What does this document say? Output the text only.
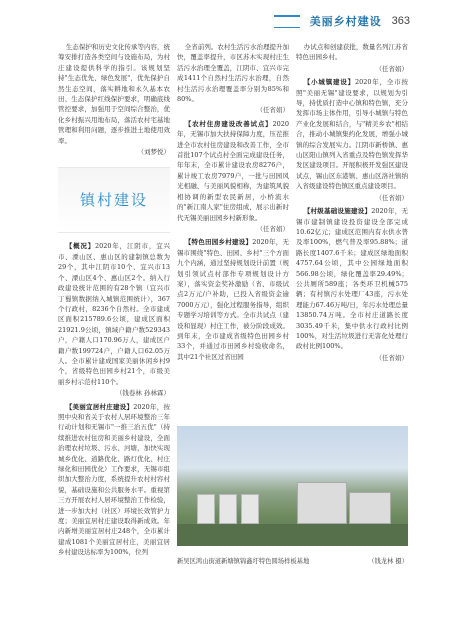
美丽乡村建设 363

生态保护和历史文化传承等内容，统筹安排打造各类空间与设施布局，为村庄建设提供科学的指引。该规划坚持"生态优先、绿色发展"，优先保护自然生态空间，落实耕地和永久基本农田、生态保护红线保护要求，明确底线管控要求，加强用于空间综合整治，优化乡村振兴用地布局，落活农村宅基地管理和利用问题，逐步推进土地使用效率。

（刘梦悦）

镇村建设

【概况】2020年，江阴市，宜兴市、溧山区、惠山区的建制镇总数为29个，其中江阴市10个、宜兴市13个、溧山区4个、惠山区2个。纳入行政建设统计范围的有28个镇（宜兴市丁蜀镇数据纳入城镇范围统计），367个行政村，8236个自然村。全市建成区面积215789.6公顷，建成区面积21921.9公顷，镇域户籍户数529343户，户籍人口170.96万人，建成区户籍户数199724户，户籍人口62.05万人。全市累计建成国家美丽休闲乡村9个，省级特色田园乡村21个，市级美丽乡村示范村110个。

（钱卷林 孙林霖）

【美丽宜居村庄建设】2020年，按照中央和省关于农村人居环境整治三年行动计划和无锡市"一推三治五优"（持续推进农村住房和美丽乡村建设，全面治理农村垃圾、污水、河塘，加快实现城乡优化、道路优化、路灯优化、村庄绿化和田园优化）工作要求，无锡市组织加大整治力度，系统提升农村村容村貌，基础设施和公共服务水平。重视第三方开展农村人居环境整治工作检验，进一步加大村（社区）环境长效管护力度；美丽宜居村庄建设取得新成效。年内新增美丽宜居村庄248个，全市累计建成1081个美丽宜居村庄，美丽宜居乡村建设达标率为100%，位列

全省前列。农村生活污水治理提升加快，覆盖率提升，市区苏木实现村庄生活污水治理全覆盖，江阴市、宜兴市完成1411个自然村生活污水治理，自然村生活污水治理覆盖率分别为85%和80%。

（任省娟）

【农村住房建设改善试点】2020年，无锡市加大扶持保障力度，压茬推进全市农村住房建设和改善工作，全市首批107个试点村全面完成建设任务，年年末，全市累计建设农房8276户，累计竣工农房7979户，一批与田园风光相融、与美丽风貌相称，为建筑风貌相协调的新型农民新居，小桥流水的"新江南人家"住房组成，展示出新时代无锡美丽田园乡村新形象。

（任省娟）

【特色田园乡村建设】2020年，无锡市围绕"特色、田园、乡村"三个方面九个内涵，通过坚持规划设计前置（规划引领试点村部作专项规划设计方案），落实资金奖补激励（省、市级试点2万元/户补助，已投入省级资金逾7000万元），强化过程服务指导，组织专题学习培训等方式。全市共试点（建设和显现）村庄工作，被分阶段成效。到年末，全市建成省级特色田园乡村33个，并通过市田园乡村验收命名，其中21个社区过省田园

办试点和创建获批，数量名列江苏省特色田园乡村。

（任省娟）

【小城镇建设】2020年，全市按照"美丽无锡"建设要求，以规划为引导，持优质打造中心镇和特色镇，充分发挥市场主体作用，引导小城镇与特色产业化发展和结合，与"精美乡农"相结合，推动小城镇集约化发展，增强小城镇的综合发展实力。江阴市新桥镇、惠山区阳山镇列入省重点及特色镇发挥华发区建设项目。开展积极开发强区建设试点，锡山区东港镇、惠山区洛社镇纳入省级建设特色镇区重点建设项目。

（任省娟）

【村级基础设施建设】2020年，无锡市建制镇建设投资建设全部完成10.62亿元；建成区范围内有水供水普及率100%，燃气普及率95.88%；道路长度1407.6千米；建成区绿地面积4757.64公顷，其中公园绿地面积566.98公顷，绿化覆盖率29.49%；公共厕所589座；各类环卫机械575辆；有村镇污水处理厂43座，污水处理能力67.46万吨/日，年污水处理总量13850.74万吨。全市村庄道路长度3035.49千米，集中供水行政村比例100%，对生活垃圾进行无害化处理行政村比例100%。

（任省娟）

新吴区鸿山街道新塘镇锦鑫圩特色圆场样板基地	（钱龙林 摄）
